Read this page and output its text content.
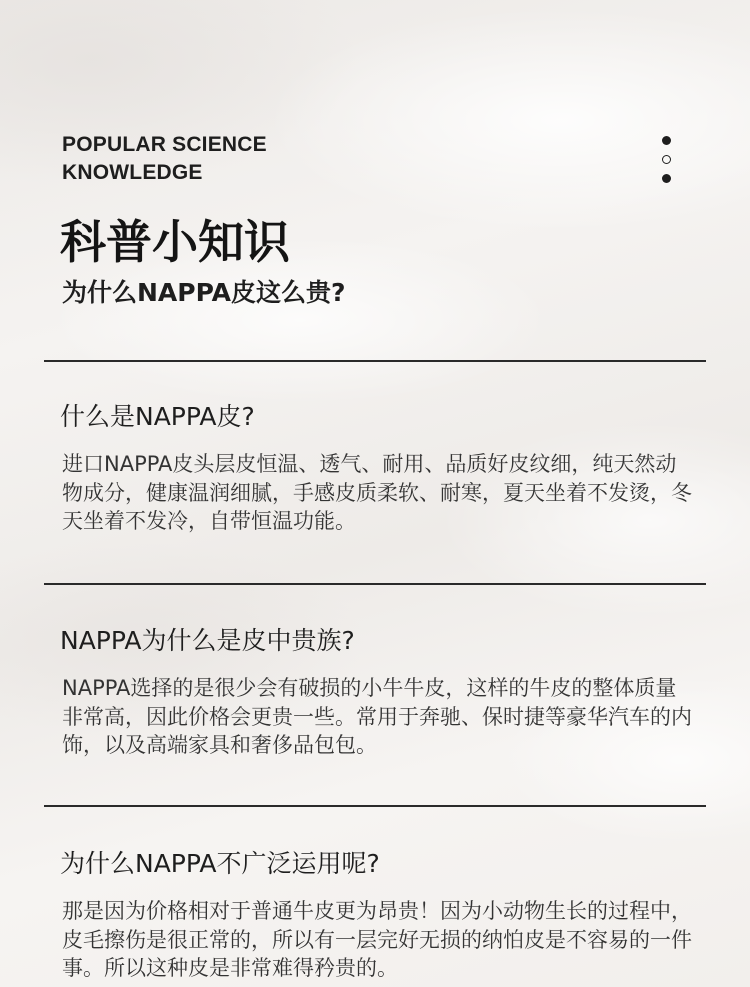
POPULAR SCIENCE
KNOWLEDGE
科普小知识
为什么NAPPA皮这么贵?
什么是NAPPA皮?

进口NAPPA皮头层皮恒温、透气、耐用、品质好皮纹细，纯天然动物成分，健康温润细腻，手感皮质柔软、耐寒，夏天坐着不发烫，冬天坐着不发冷，自带恒温功能。

NAPPA为什么是皮中贵族?

NAPPA选择的是很少会有破损的小牛牛皮，这样的牛皮的整体质量非常高，因此价格会更贵一些。常用于奔驰、保时捷等豪华汽车的内饰，以及高端家具和奢侈品包包。

为什么NAPPA不广泛运用呢?

那是因为价格相对于普通牛皮更为昂贵！因为小动物生长的过程中，皮毛擦伤是很正常的，所以有一层完好无损的纳怕皮是不容易的一件事。所以这种皮是非常难得矜贵的。
